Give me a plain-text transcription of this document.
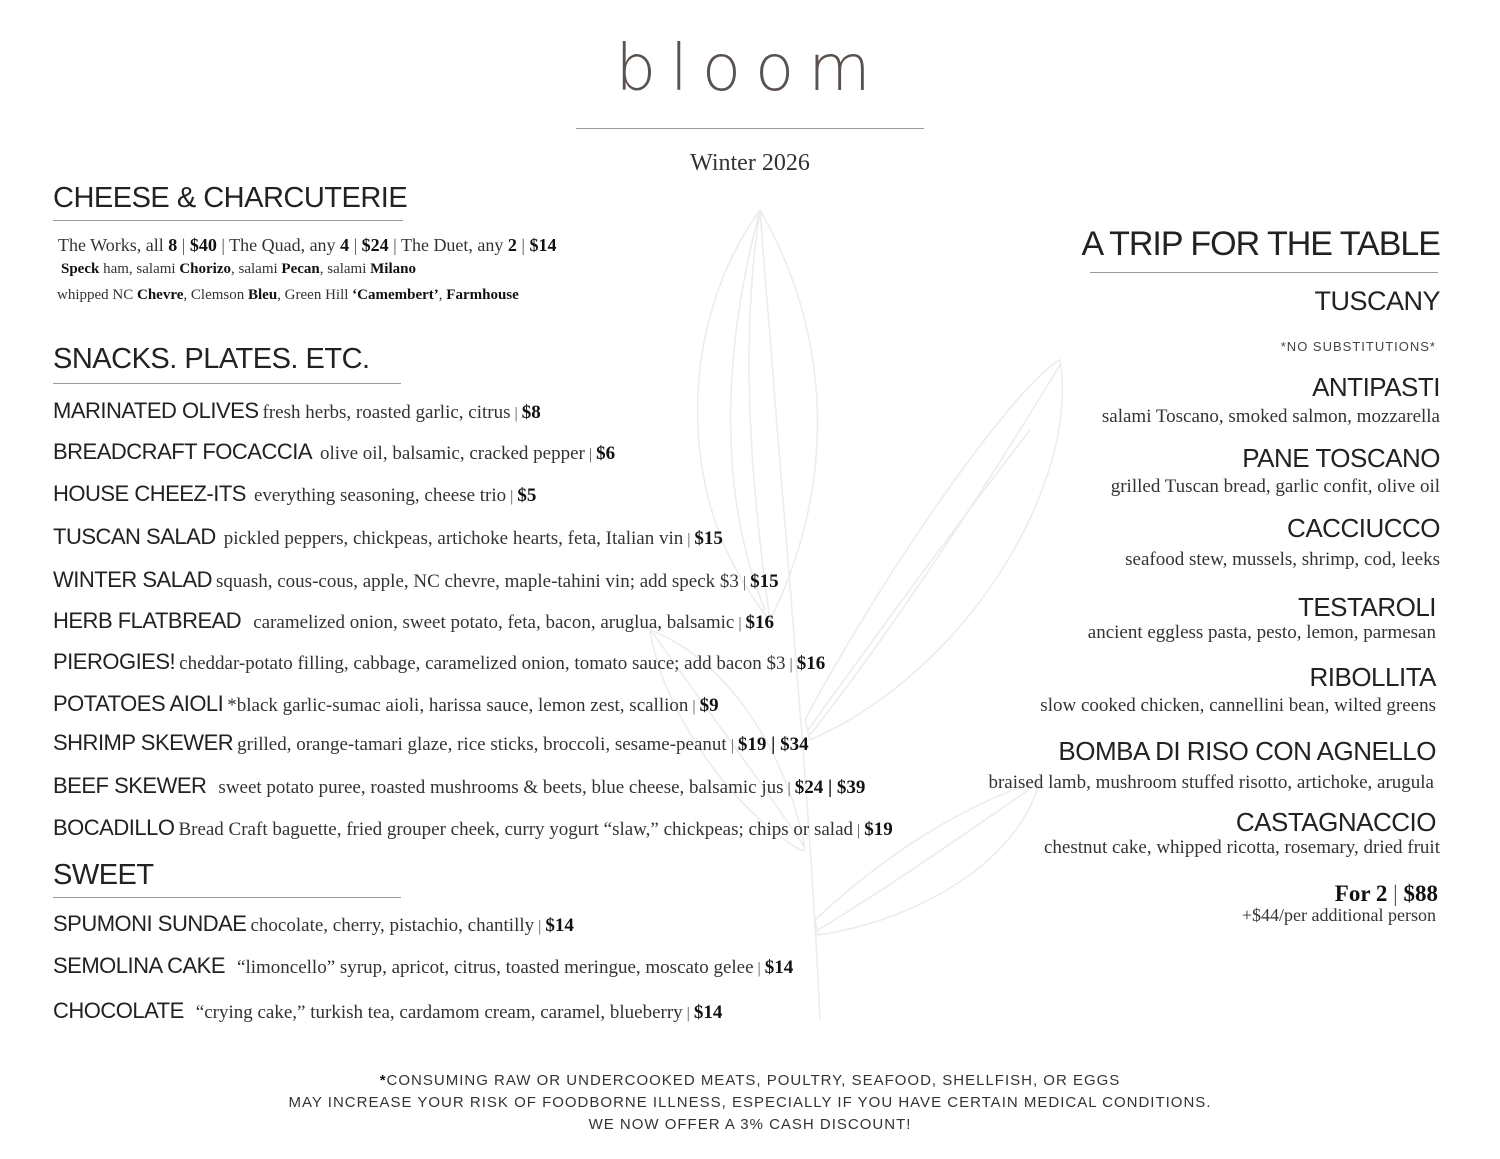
bloom
Winter 2026
CHEESE & CHARCUTERIE
The Works, all 8 | $40 | The Quad, any 4 | $24 | The Duet, any 2 | $14
Speck ham, salami Chorizo, salami Pecan, salami Milano
whipped NC Chevre, Clemson Bleu, Green Hill ‘Camembert’, Farmhouse
SNACKS. PLATES. ETC.
MARINATED OLIVES fresh herbs, roasted garlic, citrus | $8
BREADCRAFT FOCACCIA olive oil, balsamic, cracked pepper | $6
HOUSE CHEEZ-ITS everything seasoning, cheese trio | $5
TUSCAN SALAD pickled peppers, chickpeas, artichoke hearts, feta, Italian vin | $15
WINTER SALAD squash, cous-cous, apple, NC chevre, maple-tahini vin; add speck $3 | $15
HERB FLATBREAD caramelized onion, sweet potato, feta, bacon, aruglua, balsamic | $16
PIEROGIES! cheddar-potato filling, cabbage, caramelized onion, tomato sauce; add bacon $3 | $16
POTATOES AIOLI *black garlic-sumac aioli, harissa sauce, lemon zest, scallion | $9
SHRIMP SKEWER grilled, orange-tamari glaze, rice sticks, broccoli, sesame-peanut | $19 | $34
BEEF SKEWER sweet potato puree, roasted mushrooms & beets, blue cheese, balsamic jus | $24 | $39
BOCADILLO Bread Craft baguette, fried grouper cheek, curry yogurt “slaw,” chickpeas; chips or salad | $19
SWEET
SPUMONI SUNDAE chocolate, cherry, pistachio, chantilly | $14
SEMOLINA CAKE “limoncello” syrup, apricot, citrus, toasted meringue, moscato gelee | $14
CHOCOLATE “crying cake,” turkish tea, cardamom cream, caramel, blueberry | $14
A TRIP FOR THE TABLE
TUSCANY
*NO SUBSTITUTIONS*
ANTIPASTI
salami Toscano, smoked salmon, mozzarella
PANE TOSCANO
grilled Tuscan bread, garlic confit, olive oil
CACCIUCCO
seafood stew, mussels, shrimp, cod, leeks
TESTAROLI
ancient eggless pasta, pesto, lemon, parmesan
RIBOLLITA
slow cooked chicken, cannellini bean, wilted greens
BOMBA DI RISO CON AGNELLO
braised lamb, mushroom stuffed risotto, artichoke, arugula
CASTAGNACCIO
chestnut cake, whipped ricotta, rosemary, dried fruit
For 2 | $88
+$44/per additional person
*CONSUMING RAW OR UNDERCOOKED MEATS, POULTRY, SEAFOOD, SHELLFISH, OR EGGS
MAY INCREASE YOUR RISK OF FOODBORNE ILLNESS, ESPECIALLY IF YOU HAVE CERTAIN MEDICAL CONDITIONS.
WE NOW OFFER A 3% CASH DISCOUNT!
